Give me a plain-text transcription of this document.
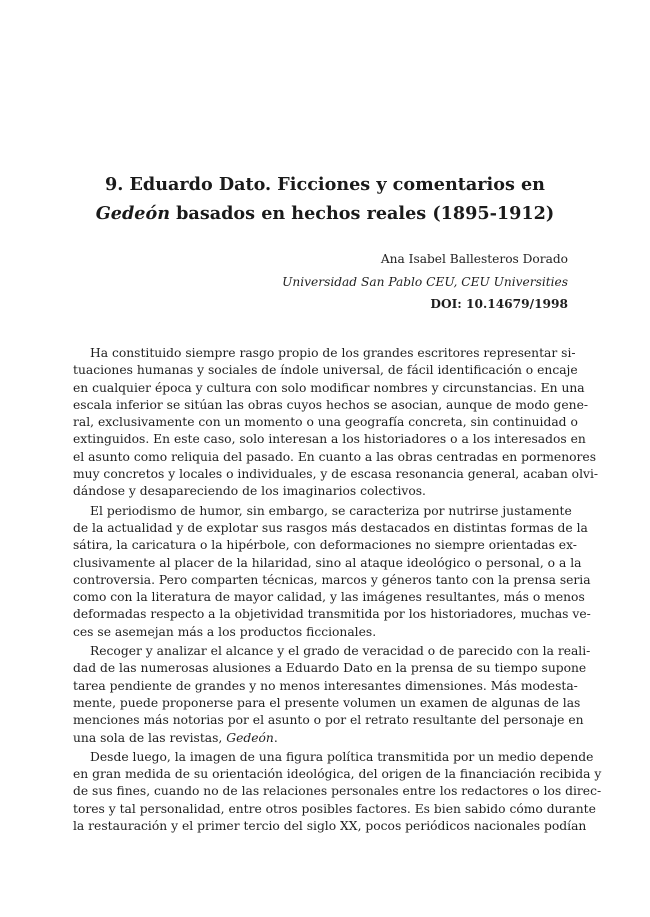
9. Eduardo Dato. Ficciones y comentarios en
Gedeón basados en hechos reales (1895-1912)
Ana Isabel Ballesteros Dorado
Universidad San Pablo CEU, CEU Universities
DOI: 10.14679/1998
Ha constituido siempre rasgo propio de los grandes escritores representar si-
tuaciones humanas y sociales de índole universal, de fácil identificación o encaje
en cualquier época y cultura con solo modificar nombres y circunstancias. En una
escala inferior se sitúan las obras cuyos hechos se asocian, aunque de modo gene-
ral, exclusivamente con un momento o una geografía concreta, sin continuidad o
extinguidos. En este caso, solo interesan a los historiadores o a los interesados en
el asunto como reliquia del pasado. En cuanto a las obras centradas en pormenores
muy concretos y locales o individuales, y de escasa resonancia general, acaban olvi-
dándose y desapareciendo de los imaginarios colectivos.
El periodismo de humor, sin embargo, se caracteriza por nutrirse justamente
de la actualidad y de explotar sus rasgos más destacados en distintas formas de la
sátira, la caricatura o la hipérbole, con deformaciones no siempre orientadas ex-
clusivamente al placer de la hilaridad, sino al ataque ideológico o personal, o a la
controversia. Pero comparten técnicas, marcos y géneros tanto con la prensa seria
como con la literatura de mayor calidad, y las imágenes resultantes, más o menos
deformadas respecto a la objetividad transmitida por los historiadores, muchas ve-
ces se asemejan más a los productos ficcionales.
Recoger y analizar el alcance y el grado de veracidad o de parecido con la reali-
dad de las numerosas alusiones a Eduardo Dato en la prensa de su tiempo supone
tarea pendiente de grandes y no menos interesantes dimensiones. Más modesta-
mente, puede proponerse para el presente volumen un examen de algunas de las
menciones más notorias por el asunto o por el retrato resultante del personaje en
una sola de las revistas, Gedeón.
Desde luego, la imagen de una figura política transmitida por un medio depende
en gran medida de su orientación ideológica, del origen de la financiación recibida y
de sus fines, cuando no de las relaciones personales entre los redactores o los direc-
tores y tal personalidad, entre otros posibles factores. Es bien sabido cómo durante
la restauración y el primer tercio del siglo XX, pocos periódicos nacionales podían
